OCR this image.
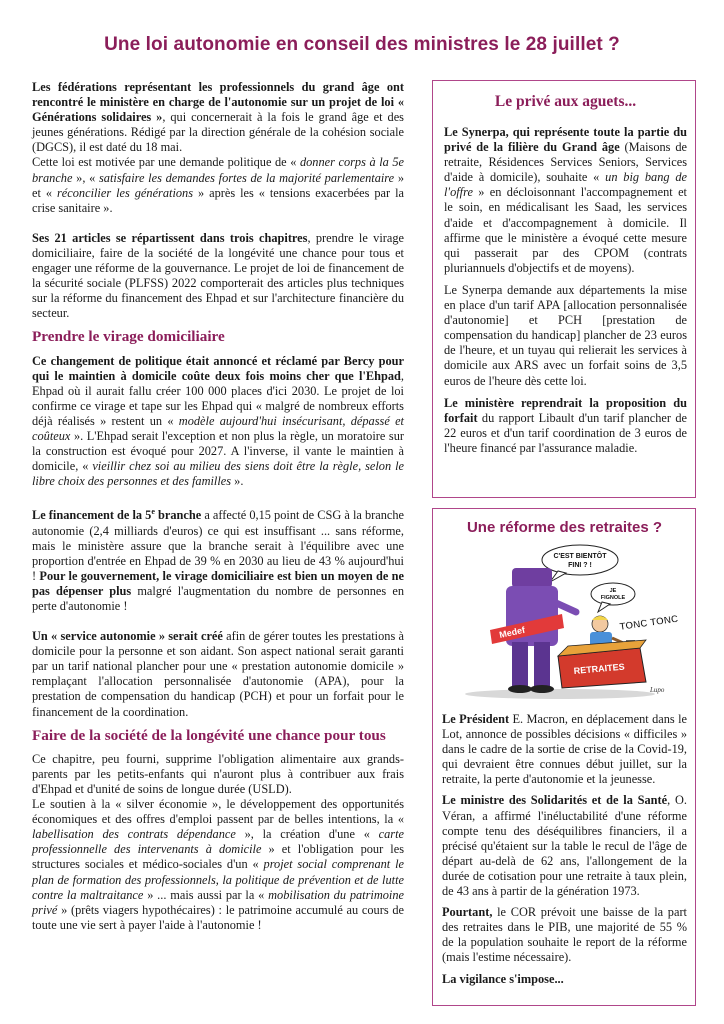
Une loi autonomie en conseil des ministres le 28 juillet ?

Les fédérations représentant les professionnels du grand âge ont rencontré le ministère en charge de l'autonomie sur un projet de loi « Générations solidaires », qui concernerait à la fois le grand âge et des jeunes générations. Rédigé par la direction générale de la cohésion sociale (DGCS), il est daté du 18 mai.

Cette loi est motivée par une demande politique de « donner corps à la 5e branche », « satisfaire les demandes fortes de la majorité parlementaire » et « réconcilier les générations » après les « tensions exacerbées par la crise sanitaire ».

Ses 21 articles se répartissent dans trois chapitres, prendre le virage domiciliaire, faire de la société de la longévité une chance pour tous et engager une réforme de la gouvernance. Le projet de loi de financement de la sécurité sociale (PLFSS) 2022 comporterait des articles plus techniques sur la réforme du financement des Ehpad et sur l'architecture financière du secteur.

Prendre le virage domiciliaire

Ce changement de politique était annoncé et réclamé par Bercy pour qui le maintien à domicile coûte deux fois moins cher que l'Ehpad, Ehpad où il aurait fallu créer 100 000 places d'ici 2030. Le projet de loi confirme ce virage et tape sur les Ehpad qui « malgré de nombreux efforts déjà réalisés » restent un « modèle aujourd'hui insécurisant, dépassé et coûteux ». L'Ehpad serait l'exception et non plus la règle, un moratoire sur la construction est évoqué pour 2027. A l'inverse, il vante le maintien à domicile, « vieillir chez soi au milieu des siens doit être la règle, selon le libre choix des personnes et des familles ».

Le financement de la 5e branche a affecté 0,15 point de CSG à la branche autonomie (2,4 milliards d'euros) ce qui est insuffisant ... sans réforme, mais le ministère assure que la branche serait à l'équilibre avec une proportion d'entrée en Ehpad de 39 % en 2030 au lieu de 43 % aujourd'hui ! Pour le gouvernement, le virage domiciliaire est bien un moyen de ne pas dépenser plus malgré l'augmentation du nombre de personnes en perte d'autonomie !

Un « service autonomie » serait créé afin de gérer toutes les prestations à domicile pour la personne et son aidant. Son aspect national serait garanti par un tarif national plancher pour une « prestation autonomie domicile » remplaçant l'allocation personnalisée d'autonomie (APA), pour la prestation de compensation du handicap (PCH) et pour un forfait pour le financement de la coordination.

Faire de la société de la longévité une chance pour tous

Ce chapitre, peu fourni, supprime l'obligation alimentaire aux grands-parents par les petits-enfants qui n'auront plus à contribuer aux frais d'Ehpad et d'unité de soins de longue durée (USLD).

Le soutien à la « silver économie », le développement des opportunités économiques et des offres d'emploi passent par de belles intentions, la « labellisation des contrats dépendance », la création d'une « carte professionnelle des intervenants à domicile » et l'obligation pour les structures sociales et médico-sociales d'un « projet social comprenant le plan de formation des professionnels, la politique de prévention et de lutte contre la maltraitance » ... mais aussi par la « mobilisation du patrimoine privé » (prêts viagers hypothécaires) : le patrimoine accumulé au cours de toute une vie sert à payer l'aide à l'autonomie !

Le privé aux aguets...

Le Synerpa, qui représente toute la partie du privé de la filière du Grand âge (Maisons de retraite, Résidences Services Seniors, Services d'aide à domicile), souhaite « un big bang de l'offre » en décloisonnant l'accompagnement et le soin, en médicalisant les Saad, les services d'aide et d'accompagnement à domicile. Il affirme que le ministère a évoqué cette mesure qui passerait par des CPOM (contrats pluriannuels d'objectifs et de moyens).

Le Synerpa demande aux départements la mise en place d'un tarif APA [allocation personnalisée d'autonomie] et PCH [prestation de compensation du handicap] plancher de 23 euros de l'heure, et un tuyau qui relierait les services à domicile aux ARS avec un forfait soins de 3,5 euros de l'heure dès cette loi.

Le ministère reprendrait la proposition du forfait du rapport Libault d'un tarif plancher de 22 euros et d'un tarif coordination de 3 euros de l'heure financé par l'assurance maladie.

Une réforme des retraites ?
C'EST BIENTÔT
FINI ? !
JE
FIGNOLE
Medef	TONC TONC
RETRAITES
Lupo

Le Président E. Macron, en déplacement dans le Lot, annonce de possibles décisions « difficiles » dans le cadre de la sortie de crise de la Covid-19, qui devraient être connues début juillet, sur la retraite, la perte d'autonomie et la jeunesse.

Le ministre des Solidarités et de la Santé, O. Véran, a affirmé l'inéluctabilité d'une réforme compte tenu des déséquilibres financiers, il a précisé qu'étaient sur la table le recul de l'âge de départ au-delà de 62 ans, l'allongement de la durée de cotisation pour une retraite à taux plein, de 43 ans à partir de la génération 1973.

Pourtant, le COR prévoit une baisse de la part des retraites dans le PIB, une majorité de 55 % de la population souhaite le report de la réforme (mais l'estime nécessaire).

La vigilance s'impose...
